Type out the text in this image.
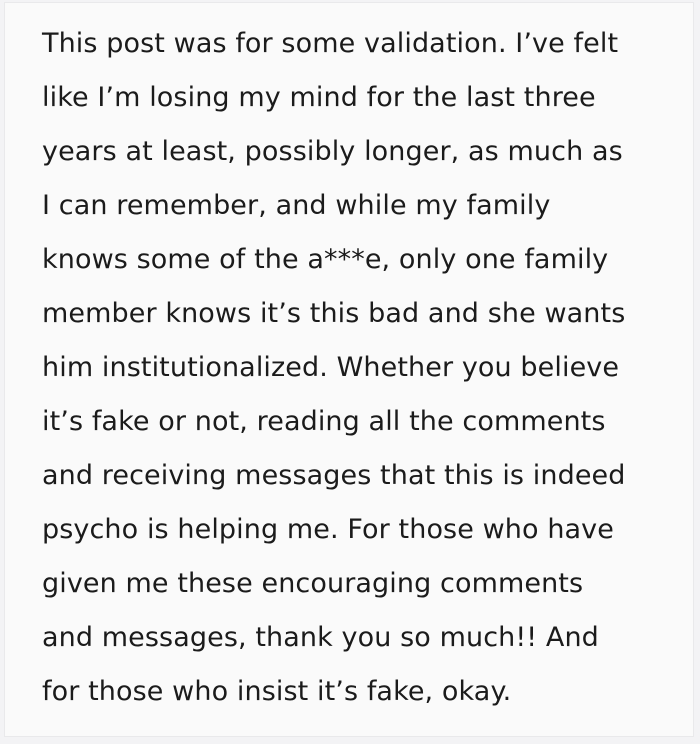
This post was for some validation. I’ve felt
like I’m losing my mind for the last three
years at least, possibly longer, as much as
I can remember, and while my family
knows some of the a***e, only one family
member knows it’s this bad and she wants
him institutionalized. Whether you believe
it’s fake or not, reading all the comments
and receiving messages that this is indeed
psycho is helping me. For those who have
given me these encouraging comments
and messages, thank you so much!! And
for those who insist it’s fake, okay.
